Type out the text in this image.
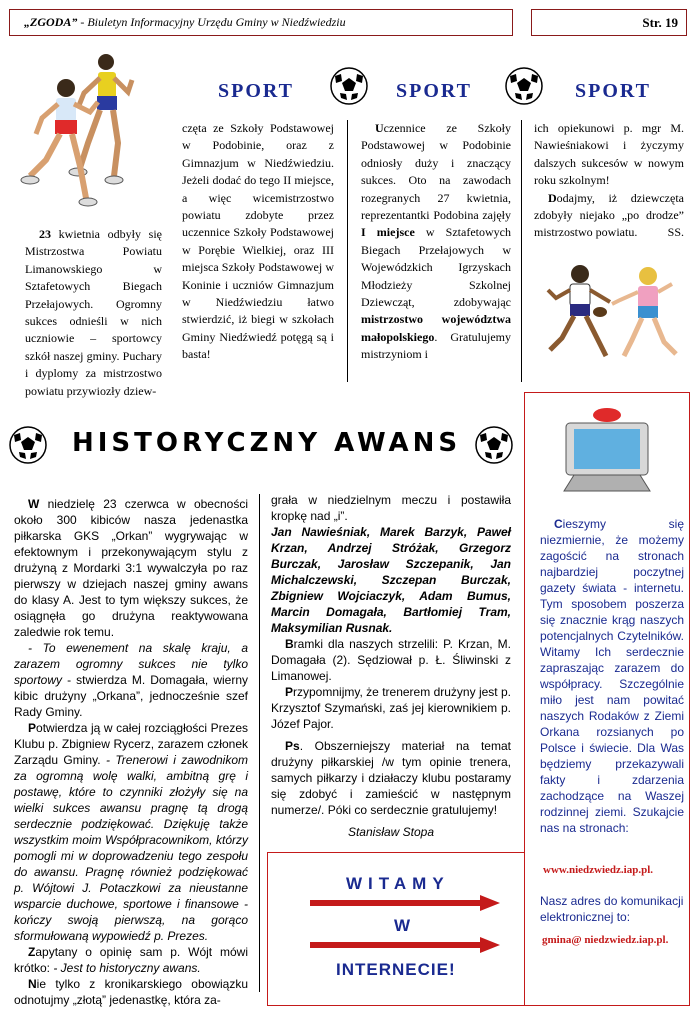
„ZGODA” - Biuletyn Informacyjny Urzędu Gminy w Niedźwiedziu	Str. 19
SPORT	SPORT	SPORT

23 kwietnia odbyły się Mistrzostwa Powiatu Limanowskiego w Sztafetowych Biegach Przełajowych. Ogromny sukces odnieśli w nich uczniowie – sportowcy szkół naszej gminy. Puchary i dyplomy za mistrzostwo powiatu przywiozły dziew-

częta ze Szkoły Podstawowej w Podobinie, oraz z Gimnazjum w Niedźwiedziu. Jeżeli dodać do tego II miejsce, a więc wicemistrzostwo powiatu zdobyte przez uczennice Szkoły Podstawowej w Porębie Wielkiej, oraz III miejsca Szkoły Podstawowej w Koninie i uczniów Gimnazjum w Niedźwiedziu łatwo stwierdzić, iż biegi w szkołach Gminy Niedźwiedź potęgą są i basta!

Uczennice ze Szkoły Podstawowej w Podobinie odniosły duży i znaczący sukces. Oto na zawodach rozegranych 27 kwietnia, reprezentantki Podobina zajęły I miejsce w Sztafetowych Biegach Przełajowych w Wojewódzkich Igrzyskach Młodzieży Szkolnej Dziewcząt, zdobywając mistrzostwo województwa małopolskiego. Gratulujemy mistrzyniom i

ich opiekunowi p. mgr M. Nawieśniakowi i życzymy dalszych sukcesów w nowym roku szkolnym!

Dodajmy, iż dziewczęta zdobyły niejako „po drodze” mistrzostwo powiatu.	SS.

HISTORYCZNY AWANS

W niedzielę 23 czerwca w obecności około 300 kibiców nasza jedenastka piłkarska GKS „Orkan” wygrywając w efektownym i przekonywającym stylu z drużyną z Mordarki 3:1 wywalczyła po raz pierwszy w dziejach naszej gminy awans do klasy A. Jest to tym większy sukces, że osiągnęła go drużyna reaktywowana zaledwie rok temu.

- To ewenement na skalę kraju, a zarazem ogromny sukces nie tylko sportowy - stwierdza M. Domagała, wierny kibic drużyny „Orkana”, jednocześnie szef Rady Gminy.

Potwierdza ją w całej rozciągłości Prezes Klubu p. Zbigniew Rycerz, zarazem członek Zarządu Gminy. - Trenerowi i zawodnikom za ogromną wolę walki, ambitną grę i postawę, które to czynniki złożyły się na wielki sukces awansu pragnę tą drogą serdecznie podziękować. Dziękuję także wszystkim moim Współpracownikom, którzy pomogli mi w doprowadzeniu tego zespołu do awansu. Pragnę również podziękować p. Wójtowi J. Potaczkowi za nieustanne wsparcie duchowe, sportowe i finansowe - kończy swoją pierwszą, na gorąco sformułowaną wypowiedź p. Prezes.

Zapytany o opinię sam p. Wójt mówi krótko: - Jest to historyczny awans.

Nie tylko z kronikarskiego obowiązku odnotujmy „złotą” jedenastkę, która za-

grała w niedzielnym meczu i postawiła kropkę nad „i”.

Jan Nawieśniak, Marek Barzyk, Paweł Krzan, Andrzej Stróżak, Grzegorz Burczak, Jarosław Szczepanik, Jan Michalczewski, Szczepan Burczak, Zbigniew Wojciaczyk, Adam Bumus, Marcin Domagała, Bartłomiej Tram, Maksymilian Rusnak.

Bramki dla naszych strzelili: P. Krzan, M. Domagała (2). Sędziował p. Ł. Śliwinski z Limanowej.

Przypomnijmy, że trenerem drużyny jest p. Krzysztof Szymański, zaś jej kierownikiem p. Józef Pajor.

Ps. Obszerniejszy materiał na temat drużyny piłkarskiej /w tym opinie trenera, samych piłkarzy i działaczy klubu postaramy się zdobyć i zamieścić w następnym numerze/. Póki co serdecznie gratulujemy!

Stanisław Stopa

Cieszymy się niezmiernie, że możemy zagościć na stronach najbardziej poczytnej gazety świata - internetu. Tym sposobem poszerza się znacznie krąg naszych potencjalnych Czytelników. Witamy Ich serdecznie zapraszając zarazem do współpracy. Szczególnie miło jest nam powitać naszych Rodaków z Ziemi Orkana rozsianych po Polsce i świecie. Dla Was będziemy przekazywali fakty i zdarzenia zachodzące na Waszej rodzinnej ziemi. Szukajcie nas na stronach:

www.niedzwiedz.iap.pl.
Nasz adres do komunikacji elektronicznej to:
gmina@ niedzwiedz.iap.pl.
WITAMY
W
INTERNECIE!
